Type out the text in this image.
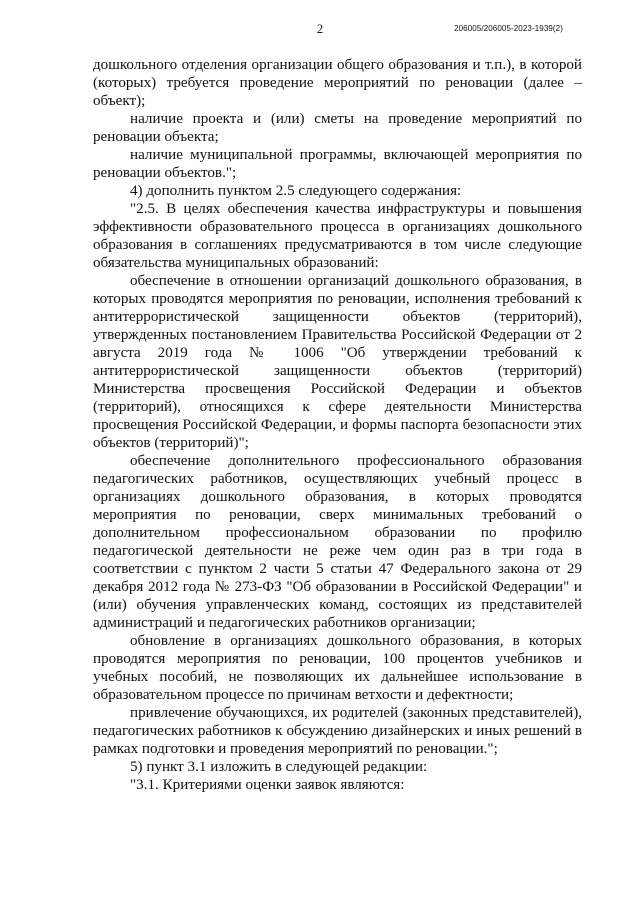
2	206005/206005-2023-1939(2)

дошкольного отделения организации общего образования и т.п.), в которой (которых) требуется проведение мероприятий по реновации (далее – объект);

наличие проекта и (или) сметы на проведение мероприятий по реновации объекта;

наличие муниципальной программы, включающей мероприятия по реновации объектов.";

4) дополнить пунктом 2.5 следующего содержания:

"2.5. В целях обеспечения качества инфраструктуры и повышения эффективности образовательного процесса в организациях дошкольного образования в соглашениях предусматриваются в том числе следующие обязательства муниципальных образований:

обеспечение в отношении организаций дошкольного образования, в которых проводятся мероприятия по реновации, исполнения требований к антитеррористической защищенности объектов (территорий), утвержденных постановлением Правительства Российской Федерации от 2 августа 2019 года № 1006 "Об утверждении требований к антитеррористической защищенности объектов (территорий) Министерства просвещения Российской Федерации и объектов (территорий), относящихся к сфере деятельности Министерства просвещения Российской Федерации, и формы паспорта безопасности этих объектов (территорий)";

обеспечение дополнительного профессионального образования педагогических работников, осуществляющих учебный процесс в организациях дошкольного образования, в которых проводятся мероприятия по реновации, сверх минимальных требований о дополнительном профессиональном образовании по профилю педагогической деятельности не реже чем один раз в три года в соответствии с пунктом 2 части 5 статьи 47 Федерального закона от 29 декабря 2012 года № 273-ФЗ "Об образовании в Российской Федерации" и (или) обучения управленческих команд, состоящих из представителей администраций и педагогических работников организации;

обновление в организациях дошкольного образования, в которых проводятся мероприятия по реновации, 100 процентов учебников и учебных пособий, не позволяющих их дальнейшее использование в образовательном процессе по причинам ветхости и дефектности;

привлечение обучающихся, их родителей (законных представителей), педагогических работников к обсуждению дизайнерских и иных решений в рамках подготовки и проведения мероприятий по реновации.";

5) пункт 3.1 изложить в следующей редакции:

"3.1. Критериями оценки заявок являются:
